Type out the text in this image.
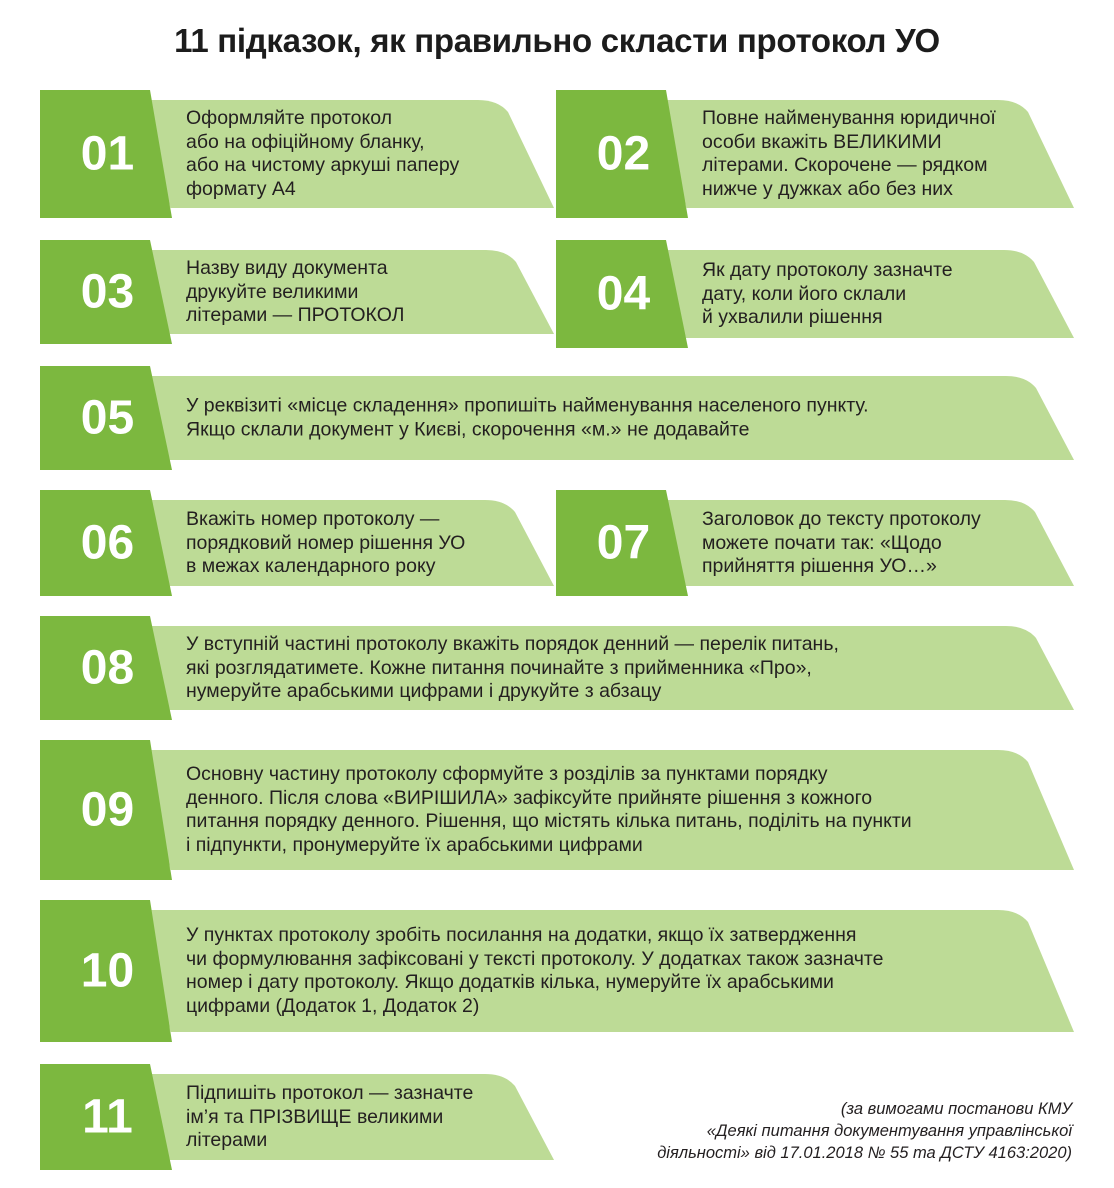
11 підказок, як правильно скласти протокол УО
01
Оформляйте протокол
або на офіційному бланку,
або на чистому аркуші паперу
формату А4
02
Повне найменування юридичної
особи вкажіть ВЕЛИКИМИ
літерами. Скорочене — рядком
нижче у дужках або без них
03	Назву виду документа
друкуйте великими
літерами — ПРОТОКОЛ	04	Як дату протоколу зазначте
дату, коли його склали
й ухвалили рішення
05	У реквізиті «місце складення» пропишіть найменування населеного пункту.
Якщо склали документ у Києві, скорочення «м.» не додавайте
06	Вкажіть номер протоколу —
порядковий номер рішення УО
в межах календарного року	07	Заголовок до тексту протоколу
можете почати так: «Щодо
прийняття рішення УО…»
08	У вступній частині протоколу вкажіть порядок денний — перелік питань,
які розглядатимете. Кожне питання починайте з прийменника «Про»,
нумеруйте арабськими цифрами і друкуйте з абзацу
09
Основну частину протоколу сформуйте з розділів за пунктами порядку
денного. Після слова «ВИРІШИЛА» зафіксуйте прийняте рішення з кожного
питання порядку денного. Рішення, що містять кілька питань, поділіть на пункти
і підпункти, пронумеруйте їх арабськими цифрами
10
У пунктах протоколу зробіть посилання на додатки, якщо їх затвердження
чи формулювання зафіксовані у тексті протоколу. У додатках також зазначте
номер і дату протоколу. Якщо додатків кілька, нумеруйте їх арабськими
цифрами (Додаток 1, Додаток 2)
11	Підпишіть протокол — зазначте
ім’я та ПРІЗВИЩЕ великими
літерами
(за вимогами постанови КМУ
«Деякі питання документування управлінської
діяльності» від 17.01.2018 № 55 та ДСТУ 4163:2020)
